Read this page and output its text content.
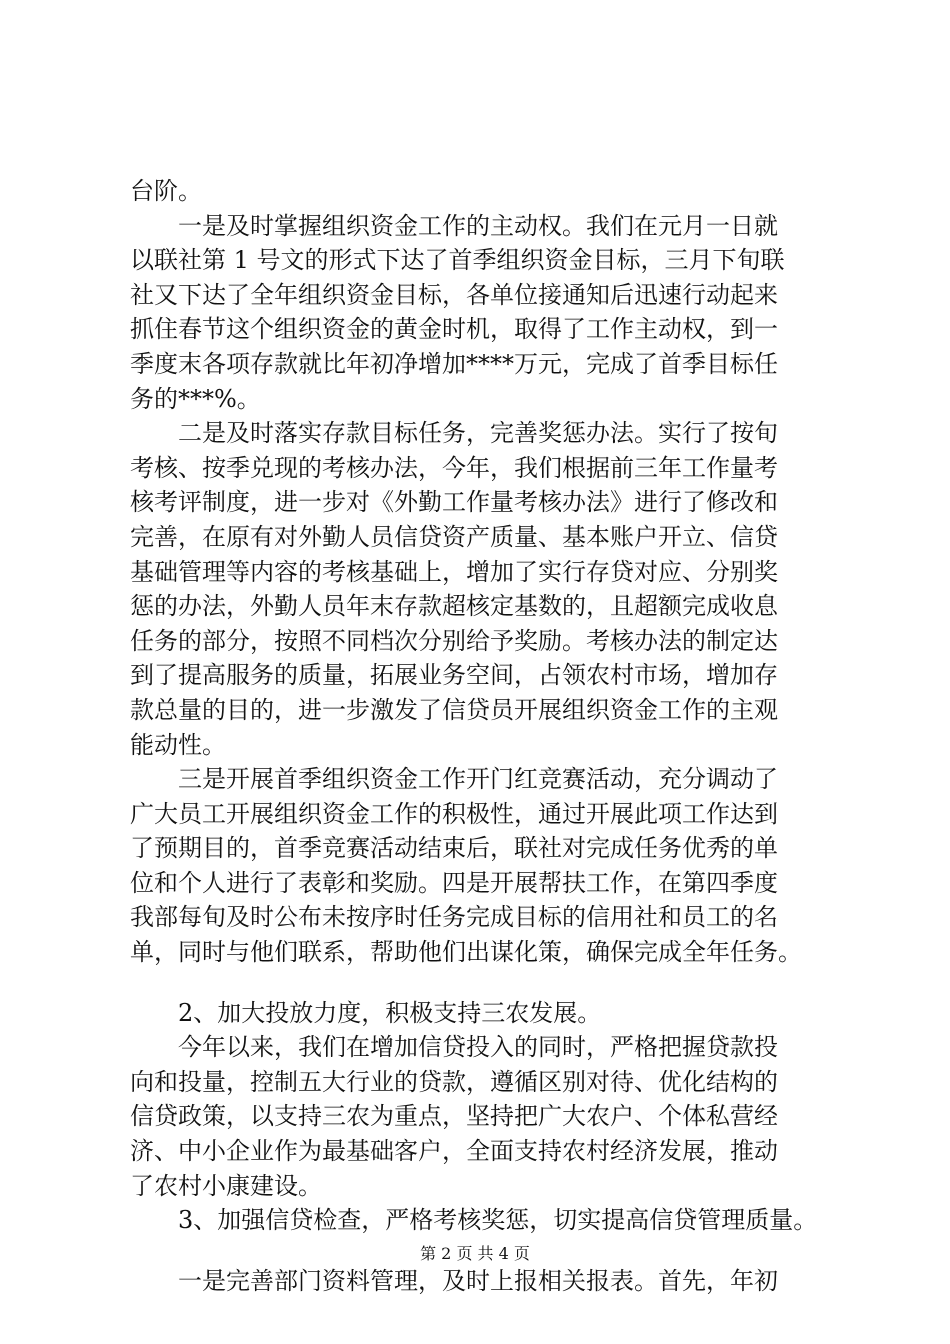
台阶。
一是及时掌握组织资金工作的主动权。我们在元月一日就
以联社第 1 号文的形式下达了首季组织资金目标，三月下旬联
社又下达了全年组织资金目标，各单位接通知后迅速行动起来
抓住春节这个组织资金的黄金时机，取得了工作主动权，到一
季度末各项存款就比年初净增加****万元，完成了首季目标任
务的***%。
二是及时落实存款目标任务，完善奖惩办法。实行了按旬
考核、按季兑现的考核办法，今年，我们根据前三年工作量考
核考评制度，进一步对《外勤工作量考核办法》进行了修改和
完善，在原有对外勤人员信贷资产质量、基本账户开立、信贷
基础管理等内容的考核基础上，增加了实行存贷对应、分别奖
惩的办法，外勤人员年末存款超核定基数的，且超额完成收息
任务的部分，按照不同档次分别给予奖励。考核办法的制定达
到了提高服务的质量，拓展业务空间，占领农村市场，增加存
款总量的目的，进一步激发了信贷员开展组织资金工作的主观
能动性。
三是开展首季组织资金工作开门红竞赛活动，充分调动了
广大员工开展组织资金工作的积极性，通过开展此项工作达到
了预期目的，首季竞赛活动结束后，联社对完成任务优秀的单
位和个人进行了表彰和奖励。四是开展帮扶工作，在第四季度
我部每旬及时公布未按序时任务完成目标的信用社和员工的名
单，同时与他们联系，帮助他们出谋化策，确保完成全年任务。
2、加大投放力度，积极支持三农发展。
今年以来，我们在增加信贷投入的同时，严格把握贷款投
向和投量，控制五大行业的贷款，遵循区别对待、优化结构的
信贷政策，以支持三农为重点，坚持把广大农户、个体私营经
济、中小企业作为最基础客户，全面支持农村经济发展，推动
了农村小康建设。
3、加强信贷检查，严格考核奖惩，切实提高信贷管理质量。
一是完善部门资料管理，及时上报相关报表。首先，年初
第 2 页 共 4 页
